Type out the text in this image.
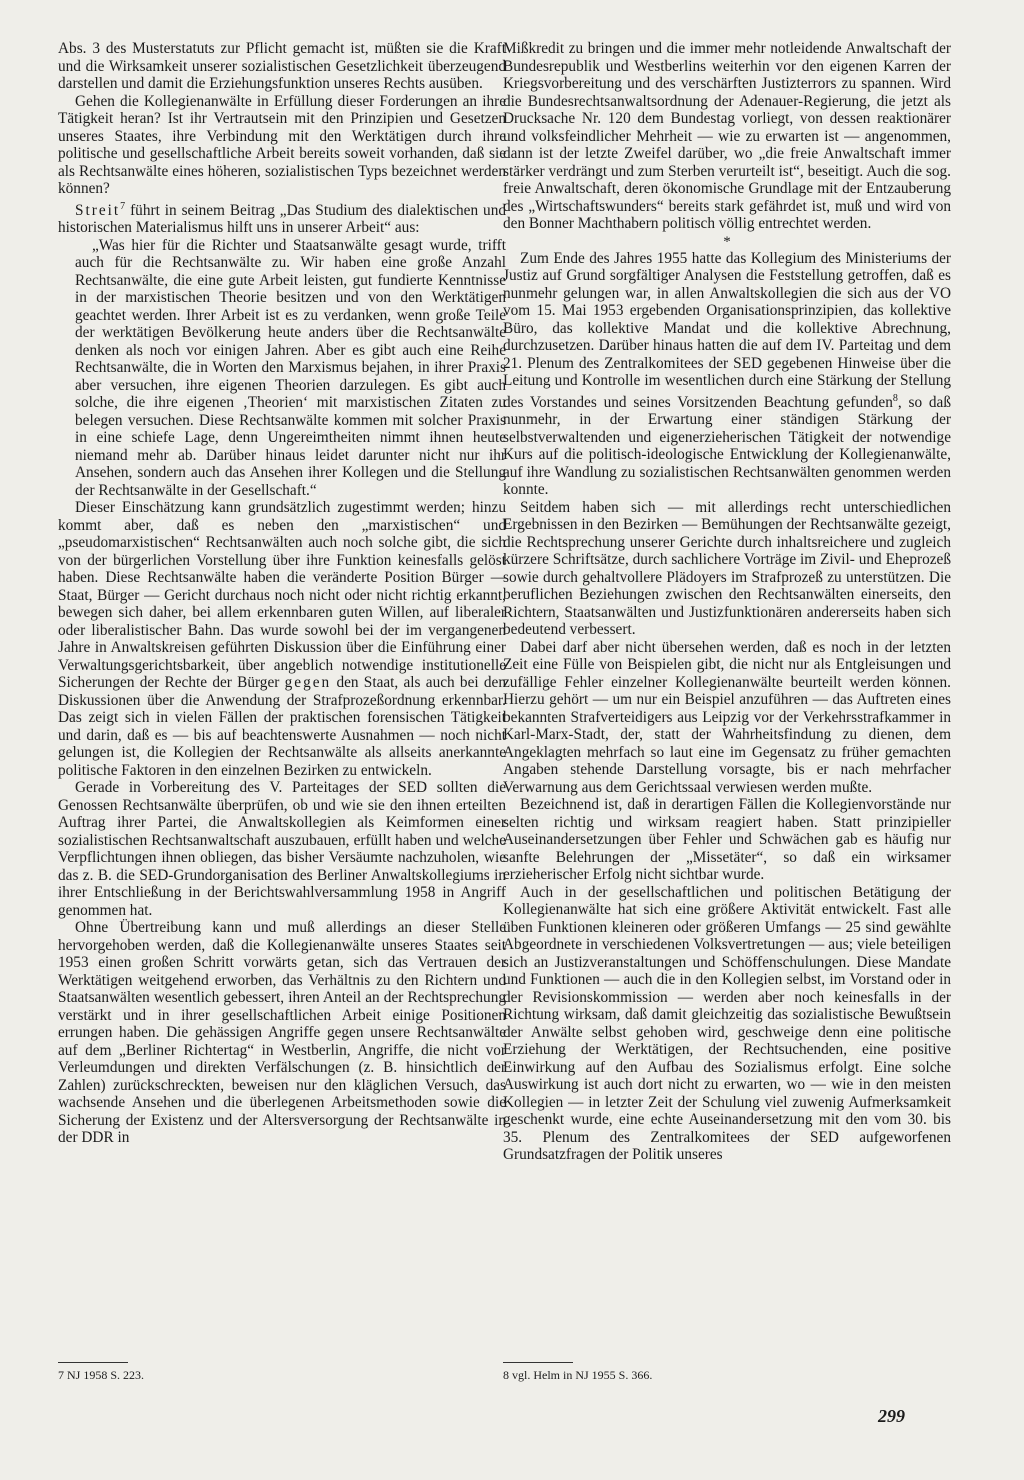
Abs. 3 des Musterstatuts zur Pflicht gemacht ist, müßten sie die Kraft und die Wirksamkeit unserer sozialistischen Gesetzlichkeit überzeugend darstellen und damit die Erziehungsfunktion unseres Rechts ausüben.

Gehen die Kollegienanwälte in Erfüllung dieser Forderungen an ihre Tätigkeit heran? Ist ihr Vertrautsein mit den Prinzipien und Gesetzen unseres Staates, ihre Verbindung mit den Werktätigen durch ihre politische und gesellschaftliche Arbeit bereits soweit vorhanden, daß sie als Rechtsanwälte eines höheren, sozialistischen Typs bezeichnet werden können?

Streit$^7$ führt in seinem Beitrag „Das Studium des dialektischen und historischen Materialismus hilft uns in unserer Arbeit“ aus:

„Was hier für die Richter und Staatsanwälte gesagt wurde, trifft auch für die Rechtsanwälte zu. Wir haben eine große Anzahl Rechtsanwälte, die eine gute Arbeit leisten, gut fundierte Kenntnisse in der marxistischen Theorie besitzen und von den Werktätigen geachtet werden. Ihrer Arbeit ist es zu verdanken, wenn große Teile der werktätigen Bevölkerung heute anders über die Rechtsanwälte denken als noch vor einigen Jahren. Aber es gibt auch eine Reihe Rechtsanwälte, die in Worten den Marxismus bejahen, in ihrer Praxis aber versuchen, ihre eigenen Theorien darzulegen. Es gibt auch solche, die ihre eigenen ‚Theorien‘ mit marxistischen Zitaten zu belegen versuchen. Diese Rechtsanwälte kommen mit solcher Praxis in eine schiefe Lage, denn Ungereimtheiten nimmt ihnen heute niemand mehr ab. Darüber hinaus leidet darunter nicht nur ihr Ansehen, sondern auch das Ansehen ihrer Kollegen und die Stellung der Rechtsanwälte in der Gesellschaft.“

Dieser Einschätzung kann grundsätzlich zugestimmt werden; hinzu kommt aber, daß es neben den „marxistischen“ und „pseudomarxistischen“ Rechtsanwälten auch noch solche gibt, die sich von der bürgerlichen Vorstellung über ihre Funktion keinesfalls gelöst haben. Diese Rechtsanwälte haben die veränderte Position Bürger — Staat, Bürger — Gericht durchaus noch nicht oder nicht richtig erkannt, bewegen sich daher, bei allem erkennbaren guten Willen, auf liberaler oder liberalistischer Bahn. Das wurde sowohl bei der im vergangenen Jahre in Anwaltskreisen geführten Diskussion über die Einführung einer Verwaltungsgerichtsbarkeit, über angeblich notwendige institutionelle Sicherungen der Rechte der Bürger gegen den Staat, als auch bei den Diskussionen über die Anwendung der Strafprozeßordnung erkennbar. Das zeigt sich in vielen Fällen der praktischen forensischen Tätigkeit und darin, daß es — bis auf beachtenswerte Ausnahmen — noch nicht gelungen ist, die Kollegien der Rechtsanwälte als allseits anerkannte politische Faktoren in den einzelnen Bezirken zu entwickeln.

Gerade in Vorbereitung des V. Parteitages der SED sollten die Genossen Rechtsanwälte überprüfen, ob und wie sie den ihnen erteilten Auftrag ihrer Partei, die Anwaltskollegien als Keimformen einer sozialistischen Rechtsanwaltschaft auszubauen, erfüllt haben und welche Verpflichtungen ihnen obliegen, das bisher Versäumte nachzuholen, wie das z. B. die SED-Grundorganisation des Berliner Anwaltskollegiums in ihrer Entschließung in der Berichtswahlversammlung 1958 in Angriff genommen hat.

Ohne Übertreibung kann und muß allerdings an dieser Stelle hervorgehoben werden, daß die Kollegienanwälte unseres Staates seit 1953 einen großen Schritt vorwärts getan, sich das Vertrauen der Werktätigen weitgehend erworben, das Verhältnis zu den Richtern und Staatsanwälten wesentlich gebessert, ihren Anteil an der Rechtsprechung verstärkt und in ihrer gesellschaftlichen Arbeit einige Positionen errungen haben. Die gehässigen Angriffe gegen unsere Rechtsanwälte auf dem „Berliner Richtertag“ in Westberlin, Angriffe, die nicht vor Verleumdungen und direkten Verfälschungen (z. B. hinsichtlich der Zahlen) zurückschreckten, beweisen nur den kläglichen Versuch, das wachsende Ansehen und die überlegenen Arbeitsmethoden sowie die Sicherung der Existenz und der Altersversorgung der Rechtsanwälte in der DDR in

Mißkredit zu bringen und die immer mehr notleidende Anwaltschaft der Bundesrepublik und Westberlins weiterhin vor den eigenen Karren der Kriegsvorbereitung und des verschärften Justizterrors zu spannen. Wird die Bundesrechtsanwaltsordnung der Adenauer-Regierung, die jetzt als Drucksache Nr. 120 dem Bundestag vorliegt, von dessen reaktionärer und volksfeindlicher Mehrheit — wie zu erwarten ist — angenommen, dann ist der letzte Zweifel darüber, wo „die freie Anwaltschaft immer stärker verdrängt und zum Sterben verurteilt ist“, beseitigt. Auch die sog. freie Anwaltschaft, deren ökonomische Grundlage mit der Entzauberung des „Wirtschaftswunders“ bereits stark gefährdet ist, muß und wird von den Bonner Machthabern politisch völlig entrechtet werden.

*

Zum Ende des Jahres 1955 hatte das Kollegium des Ministeriums der Justiz auf Grund sorgfältiger Analysen die Feststellung getroffen, daß es nunmehr gelungen war, in allen Anwaltskollegien die sich aus der VO vom 15. Mai 1953 ergebenden Organisationsprinzipien, das kollektive Büro, das kollektive Mandat und die kollektive Abrechnung, durchzusetzen. Darüber hinaus hatten die auf dem IV. Parteitag und dem 21. Plenum des Zentralkomitees der SED gegebenen Hinweise über die Leitung und Kontrolle im wesentlichen durch eine Stärkung der Stellung des Vorstandes und seines Vorsitzenden Beachtung gefunden$^8$, so daß nunmehr, in der Erwartung einer ständigen Stärkung der selbstverwaltenden und eigenerzieherischen Tätigkeit der notwendige Kurs auf die politisch-ideologische Entwicklung der Kollegienanwälte, auf ihre Wandlung zu sozialistischen Rechtsanwälten genommen werden konnte.

Seitdem haben sich — mit allerdings recht unterschiedlichen Ergebnissen in den Bezirken — Bemühungen der Rechtsanwälte gezeigt, die Rechtsprechung unserer Gerichte durch inhaltsreichere und zugleich kürzere Schriftsätze, durch sachlichere Vorträge im Zivil- und Eheprozeß sowie durch gehaltvollere Plädoyers im Strafprozeß zu unterstützen. Die beruflichen Beziehungen zwischen den Rechtsanwälten einerseits, den Richtern, Staatsanwälten und Justizfunktionären andererseits haben sich bedeutend verbessert.

Dabei darf aber nicht übersehen werden, daß es noch in der letzten Zeit eine Fülle von Beispielen gibt, die nicht nur als Entgleisungen und zufällige Fehler einzelner Kollegienanwälte beurteilt werden können. Hierzu gehört — um nur ein Beispiel anzuführen — das Auftreten eines bekannten Strafverteidigers aus Leipzig vor der Verkehrsstrafkammer in Karl-Marx-Stadt, der, statt der Wahrheitsfindung zu dienen, dem Angeklagten mehrfach so laut eine im Gegensatz zu früher gemachten Angaben stehende Darstellung vorsagte, bis er nach mehrfacher Verwarnung aus dem Gerichtssaal verwiesen werden mußte.

Bezeichnend ist, daß in derartigen Fällen die Kollegienvorstände nur selten richtig und wirksam reagiert haben. Statt prinzipieller Auseinandersetzungen über Fehler und Schwächen gab es häufig nur sanfte Belehrungen der „Missetäter“, so daß ein wirksamer erzieherischer Erfolg nicht sichtbar wurde.

Auch in der gesellschaftlichen und politischen Betätigung der Kollegienanwälte hat sich eine größere Aktivität entwickelt. Fast alle üben Funktionen kleineren oder größeren Umfangs — 25 sind gewählte Abgeordnete in verschiedenen Volksvertretungen — aus; viele beteiligen sich an Justizveranstaltungen und Schöffenschulungen. Diese Mandate und Funktionen — auch die in den Kollegien selbst, im Vorstand oder in der Revisionskommission — werden aber noch keinesfalls in der Richtung wirksam, daß damit gleichzeitig das sozialistische Bewußtsein der Anwälte selbst gehoben wird, geschweige denn eine politische Erziehung der Werktätigen, der Rechtsuchenden, eine positive Einwirkung auf den Aufbau des Sozialismus erfolgt. Eine solche Auswirkung ist auch dort nicht zu erwarten, wo — wie in den meisten Kollegien — in letzter Zeit der Schulung viel zuwenig Aufmerksamkeit geschenkt wurde, eine echte Auseinandersetzung mit den vom 30. bis 35. Plenum des Zentralkomitees der SED aufgeworfenen Grundsatzfragen der Politik unseres

7 NJ 1958 S. 223.	8 vgl. Helm in NJ 1955 S. 366.
299
